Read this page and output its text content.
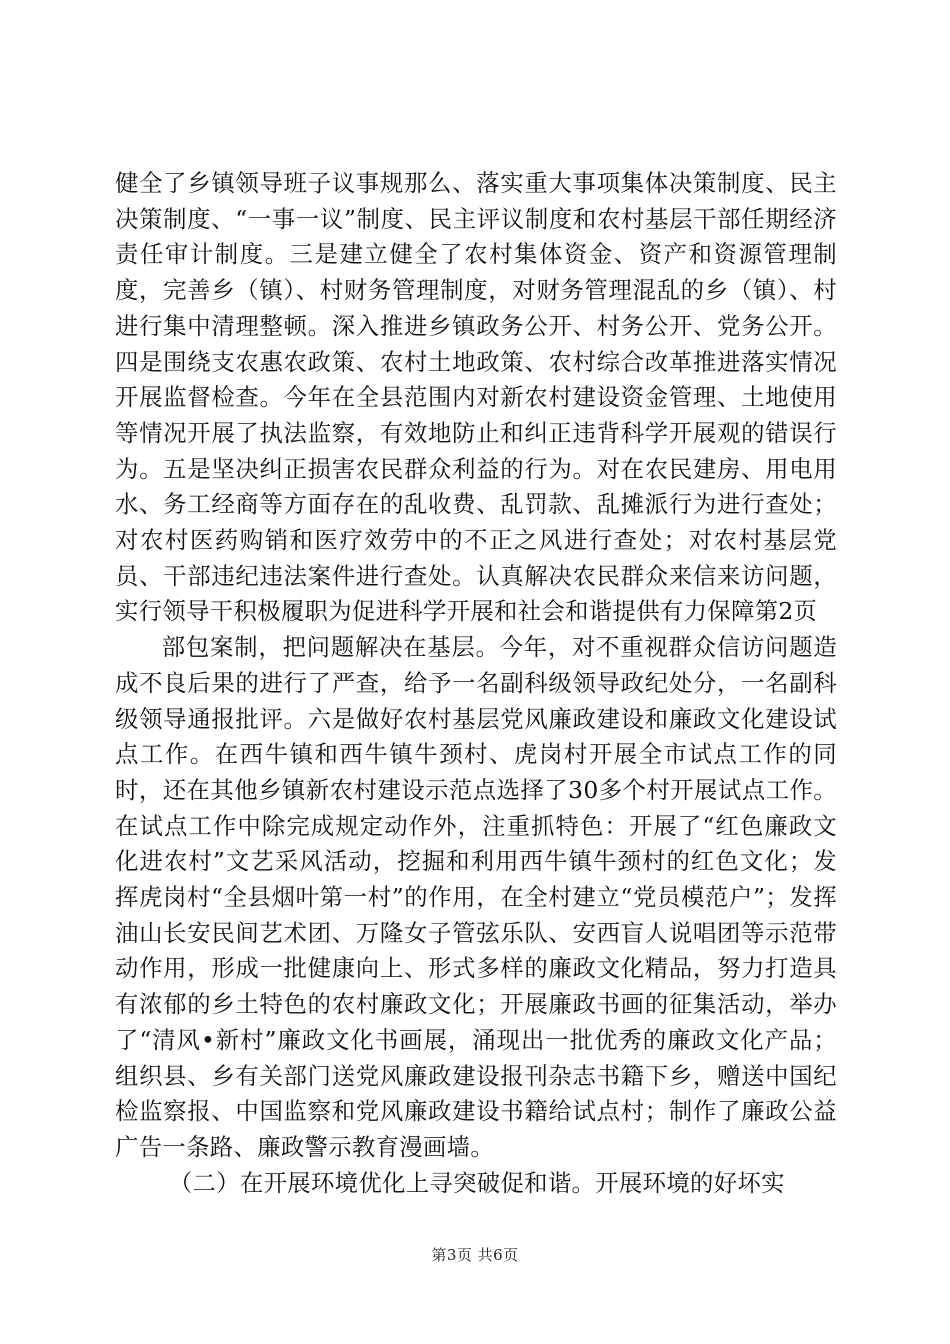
健全了乡镇领导班子议事规那么、落实重大事项集体决策制度、民主决策制度、“一事一议”制度、民主评议制度和农村基层干部任期经济责任审计制度。三是建立健全了农村集体资金、资产和资源管理制度，完善乡（镇）、村财务管理制度，对财务管理混乱的乡（镇）、村进行集中清理整顿。深入推进乡镇政务公开、村务公开、党务公开。四是围绕支农惠农政策、农村土地政策、农村综合改革推进落实情况开展监督检查。今年在全县范围内对新农村建设资金管理、土地使用等情况开展了执法监察，有效地防止和纠正违背科学开展观的错误行为。五是坚决纠正损害农民群众利益的行为。对在农民建房、用电用水、务工经商等方面存在的乱收费、乱罚款、乱摊派行为进行查处；对农村医药购销和医疗效劳中的不正之风进行查处；对农村基层党员、干部违纪违法案件进行查处。认真解决农民群众来信来访问题，实行领导干积极履职为促进科学开展和社会和谐提供有力保障第2页

部包案制，把问题解决在基层。今年，对不重视群众信访问题造成不良后果的进行了严查，给予一名副科级领导政纪处分，一名副科级领导通报批评。六是做好农村基层党风廉政建设和廉政文化建设试点工作。在西牛镇和西牛镇牛颈村、虎岗村开展全市试点工作的同时，还在其他乡镇新农村建设示范点选择了30多个村开展试点工作。在试点工作中除完成规定动作外，注重抓特色：开展了“红色廉政文化进农村”文艺采风活动，挖掘和利用西牛镇牛颈村的红色文化；发挥虎岗村“全县烟叶第一村”的作用，在全村建立“党员模范户”；发挥油山长安民间艺术团、万隆女子管弦乐队、安西盲人说唱团等示范带动作用，形成一批健康向上、形式多样的廉政文化精品，努力打造具有浓郁的乡土特色的农村廉政文化；开展廉政书画的征集活动，举办了“清风•新村”廉政文化书画展，涌现出一批优秀的廉政文化产品；组织县、乡有关部门送党风廉政建设报刊杂志书籍下乡，赠送中国纪检监察报、中国监察和党风廉政建设书籍给试点村；制作了廉政公益广告一条路、廉政警示教育漫画墙。

（二）在开展环境优化上寻突破促和谐。开展环境的好坏实

第3页 共6页
